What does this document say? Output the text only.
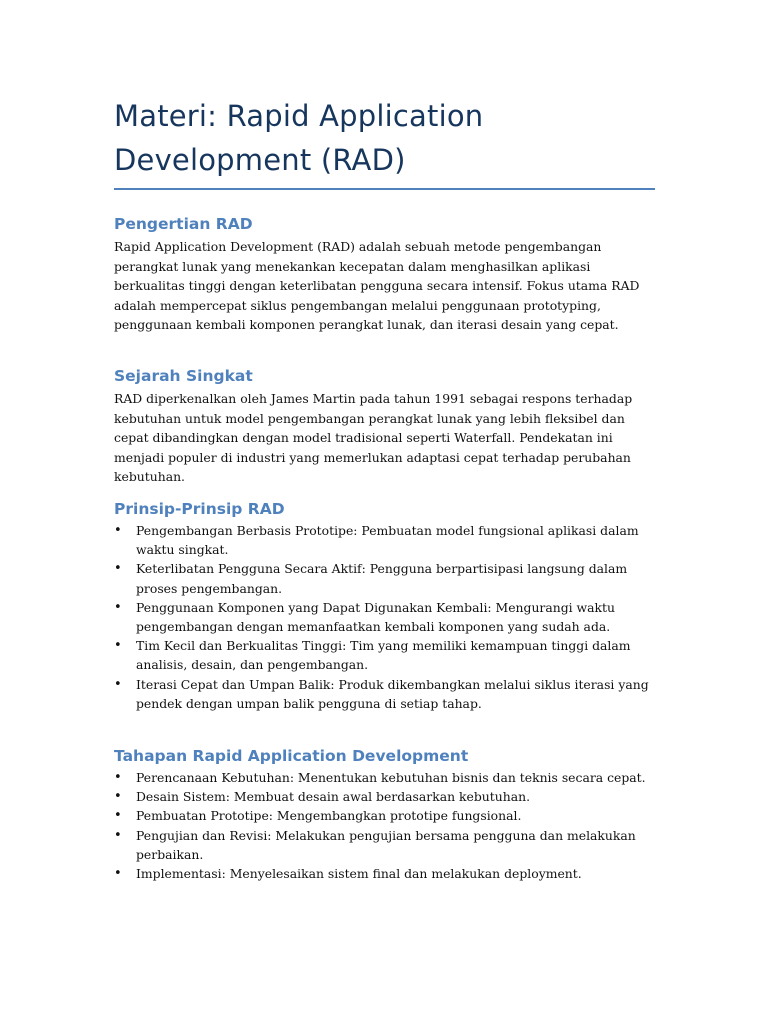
Materi: Rapid Application Development (RAD)
Pengertian RAD

Rapid Application Development (RAD) adalah sebuah metode pengembangan perangkat lunak yang menekankan kecepatan dalam menghasilkan aplikasi berkualitas tinggi dengan keterlibatan pengguna secara intensif. Fokus utama RAD adalah mempercepat siklus pengembangan melalui penggunaan prototyping, penggunaan kembali komponen perangkat lunak, dan iterasi desain yang cepat.

Sejarah Singkat

RAD diperkenalkan oleh James Martin pada tahun 1991 sebagai respons terhadap kebutuhan untuk model pengembangan perangkat lunak yang lebih fleksibel dan cepat dibandingkan dengan model tradisional seperti Waterfall. Pendekatan ini menjadi populer di industri yang memerlukan adaptasi cepat terhadap perubahan kebutuhan.

Prinsip-Prinsip RAD
• Pengembangan Berbasis Prototipe: Pembuatan model fungsional aplikasi dalam waktu singkat.
• Keterlibatan Pengguna Secara Aktif: Pengguna berpartisipasi langsung dalam proses pengembangan.
• Penggunaan Komponen yang Dapat Digunakan Kembali: Mengurangi waktu pengembangan dengan memanfaatkan kembali komponen yang sudah ada.
• Tim Kecil dan Berkualitas Tinggi: Tim yang memiliki kemampuan tinggi dalam analisis, desain, dan pengembangan.
• Iterasi Cepat dan Umpan Balik: Produk dikembangkan melalui siklus iterasi yang pendek dengan umpan balik pengguna di setiap tahap.
Tahapan Rapid Application Development
• Perencanaan Kebutuhan: Menentukan kebutuhan bisnis dan teknis secara cepat.
• Desain Sistem: Membuat desain awal berdasarkan kebutuhan.
• Pembuatan Prototipe: Mengembangkan prototipe fungsional.
• Pengujian dan Revisi: Melakukan pengujian bersama pengguna dan melakukan perbaikan.
• Implementasi: Menyelesaikan sistem final dan melakukan deployment.
